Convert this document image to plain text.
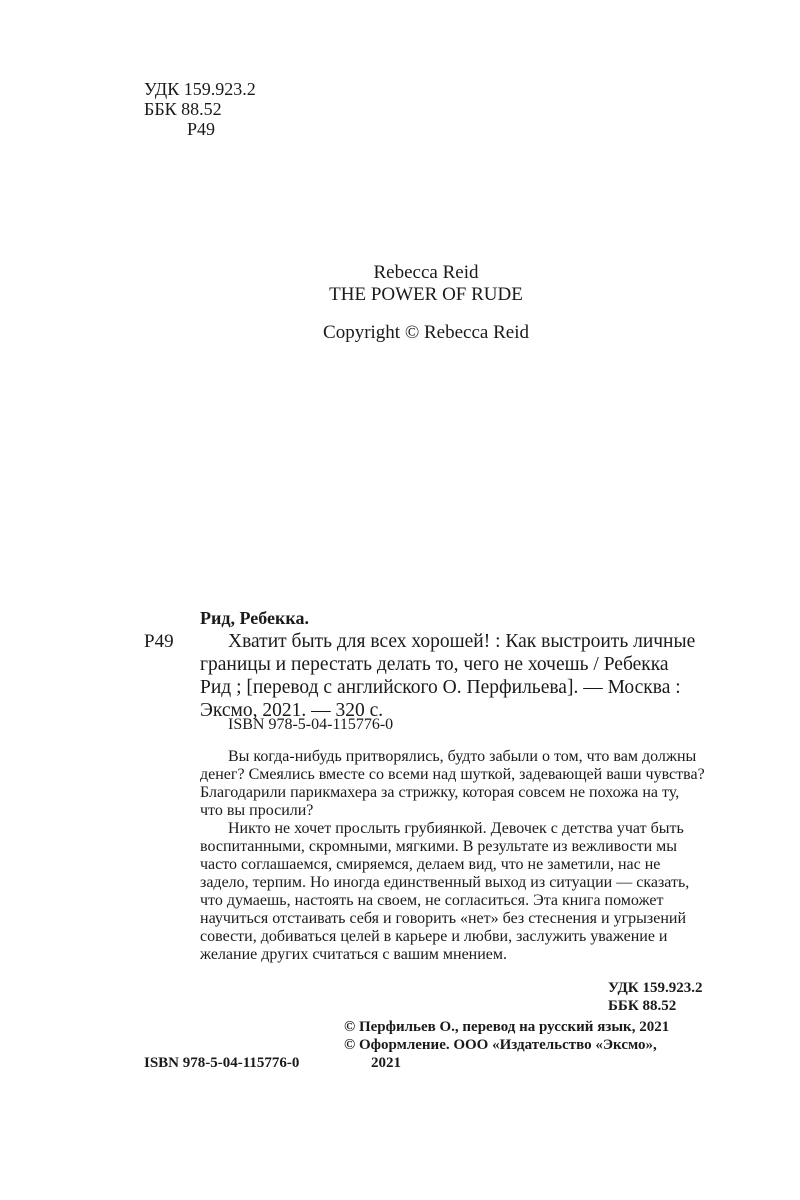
УДК 159.923.2
ББК 88.52
Р49
Rebecca Reid
THE POWER OF RUDE
Copyright © Rebecca Reid
Рид, Ребекка.
Р49	Хватит быть для всех хорошей! : Как выстроить личные
границы и перестать делать то, чего не хочешь / Ребекка
Рид ; [перевод с английского О. Перфильева]. — Москва :
Эксмо, 2021. — 320 с.
ISBN 978-5-04-115776-0
Вы когда-нибудь притворялись, будто забыли о том, что вам должны
денег? Смеялись вместе со всеми над шуткой, задевающей ваши чувства?
Благодарили парикмахера за стрижку, которая совсем не похожа на ту,
что вы просили?
Никто не хочет прослыть грубиянкой. Девочек с детства учат быть
воспитанными, скромными, мягкими. В результате из вежливости мы
часто соглашаемся, смиряемся, делаем вид, что не заметили, нас не
задело, терпим. Но иногда единственный выход из ситуации — сказать,
что думаешь, настоять на своем, не согласиться. Эта книга поможет
научиться отстаивать себя и говорить «нет» без стеснения и угрызений
совести, добиваться целей в карьере и любви, заслужить уважение и
желание других считаться с вашим мнением.
УДК 159.923.2
ББК 88.52
© Перфильев О., перевод на русский язык, 2021
© Оформление. ООО «Издательство «Эксмо»,
2021
ISBN 978-5-04-115776-0
